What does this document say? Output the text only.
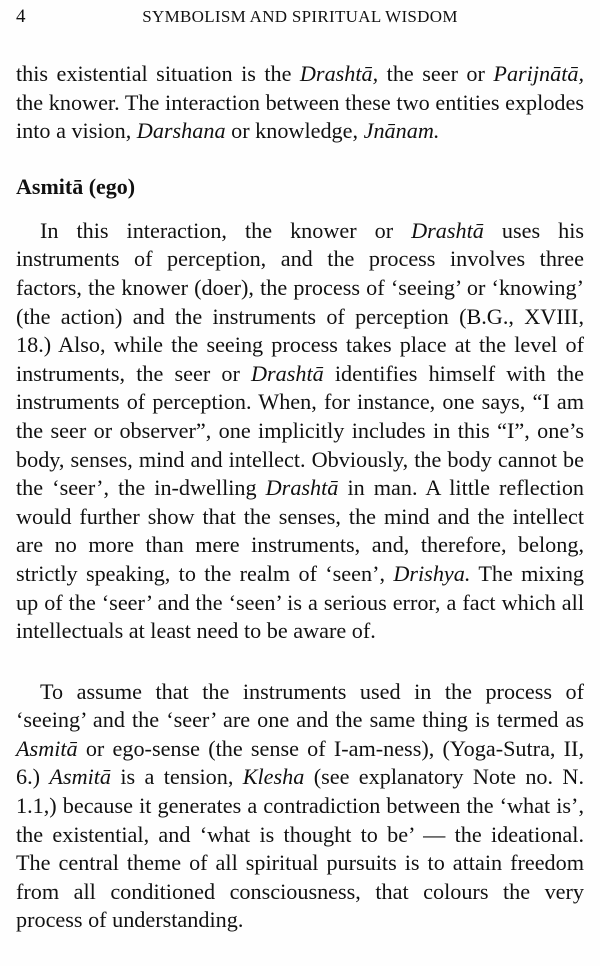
4	SYMBOLISM AND SPIRITUAL WISDOM

this existential situation is the Drashtā, the seer or Parijnātā, the knower. The interaction between these two entities explodes into a vision, Darshana or knowledge, Jnānam.

Asmitā (ego)

In this interaction, the knower or Drashtā uses his instruments of perception, and the process involves three factors, the knower (doer), the process of ‘seeing’ or ‘knowing’ (the action) and the instruments of perception (B.G., XVIII, 18.) Also, while the seeing process takes place at the level of instruments, the seer or Drashtā identifies himself with the instruments of perception. When, for instance, one says, “I am the seer or observer”, one implicitly includes in this “I”, one’s body, senses, mind and intellect. Obviously, the body cannot be the ‘seer’, the in-dwelling Drashtā in man. A little reflection would further show that the senses, the mind and the intellect are no more than mere instruments, and, therefore, belong, strictly speaking, to the realm of ‘seen’, Drishya. The mixing up of the ‘seer’ and the ‘seen’ is a serious error, a fact which all intellectuals at least need to be aware of.

To assume that the instruments used in the process of ‘seeing’ and the ‘seer’ are one and the same thing is termed as Asmitā or ego-sense (the sense of I-am-ness), (Yoga-Sutra, II, 6.) Asmitā is a tension, Klesha (see explanatory Note no. N. 1.1,) because it generates a contradiction between the ‘what is’, the existential, and ‘what is thought to be’ — the ideational. The central theme of all spiritual pursuits is to attain freedom from all conditioned consciousness, that colours the very process of understanding.
